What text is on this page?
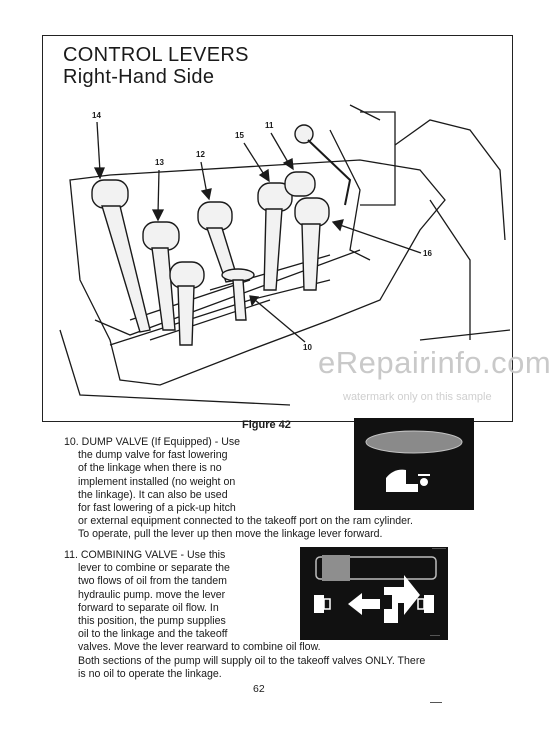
CONTROL LEVERS
Right-Hand Side
14
13
12
15
11
16
10 eRepairinfo.com
watermark only on this sample
Figure 42
10. DUMP VALVE (If Equipped) - Use
the dump valve for fast lowering
of the linkage when there is no
implement installed (no weight on
the linkage). It can also be used
for fast lowering of a pick-up hitch
or external equipment connected to the takeoff port on the ram cylinder.
To operate, pull the lever up then move the linkage lever forward.
11. COMBINING VALVE - Use this
lever to combine or separate the
two flows of oil from the tandem
hydraulic pump. move the lever
forward to separate oil flow. In
this position, the pump supplies
oil to the linkage and the takeoff
valves. Move the lever rearward to combine oil flow.
Both sections of the pump will supply oil to the takeoff valves ONLY. There
is no oil to operate the linkage.
62
